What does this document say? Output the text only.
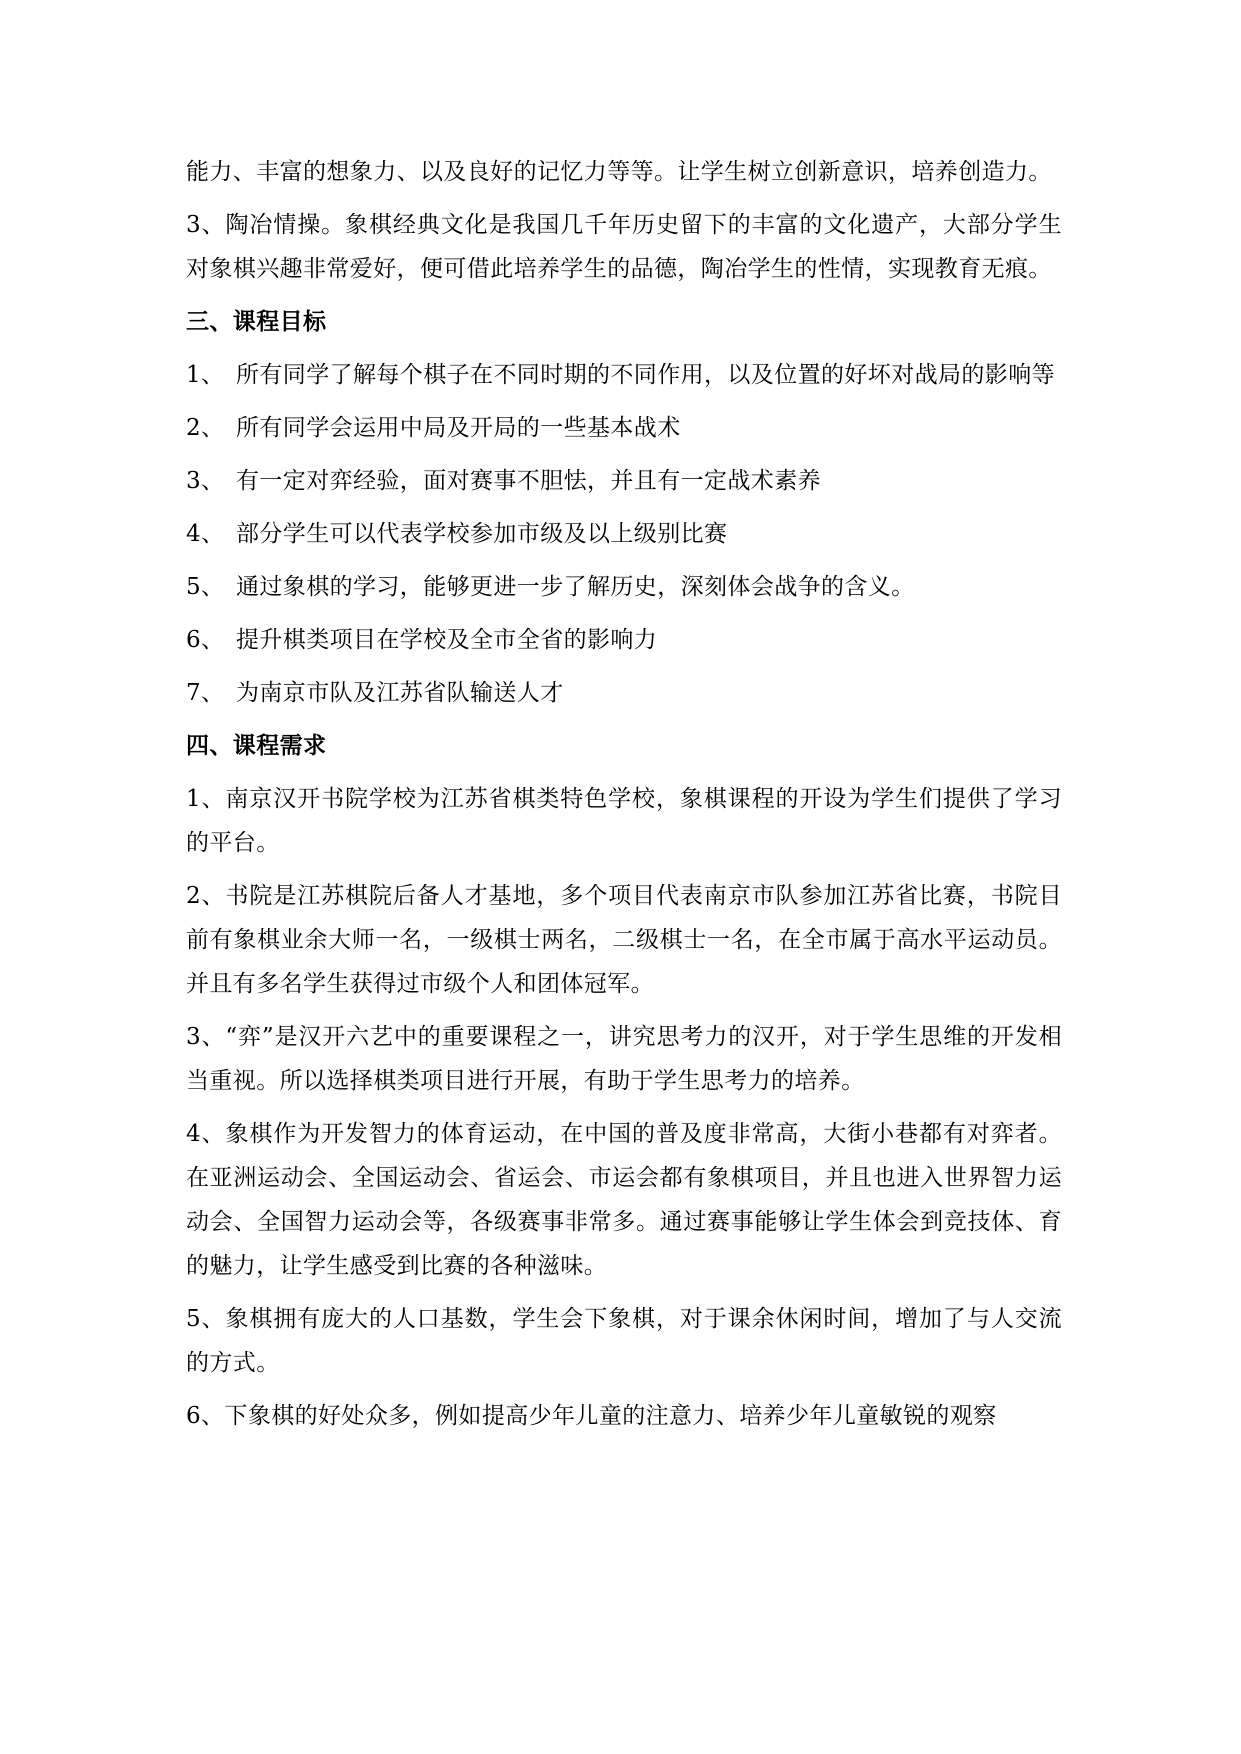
能力、丰富的想象力、以及良好的记忆力等等。让学生树立创新意识，培养创造力。

3、陶冶情操。象棋经典文化是我国几千年历史留下的丰富的文化遗产，大部分学生对象棋兴趣非常爱好，便可借此培养学生的品德，陶冶学生的性情，实现教育无痕。

三、课程目标
1、 所有同学了解每个棋子在不同时期的不同作用，以及位置的好坏对战局的影响等
2、 所有同学会运用中局及开局的一些基本战术
3、 有一定对弈经验，面对赛事不胆怯，并且有一定战术素养
4、 部分学生可以代表学校参加市级及以上级别比赛
5、 通过象棋的学习，能够更进一步了解历史，深刻体会战争的含义。
6、 提升棋类项目在学校及全市全省的影响力
7、 为南京市队及江苏省队输送人才
四、课程需求

1、南京汉开书院学校为江苏省棋类特色学校，象棋课程的开设为学生们提供了学习的平台。

2、书院是江苏棋院后备人才基地，多个项目代表南京市队参加江苏省比赛，书院目前有象棋业余大师一名，一级棋士两名，二级棋士一名，在全市属于高水平运动员。并且有多名学生获得过市级个人和团体冠军。

3、“弈”是汉开六艺中的重要课程之一，讲究思考力的汉开，对于学生思维的开发相当重视。所以选择棋类项目进行开展，有助于学生思考力的培养。

4、象棋作为开发智力的体育运动，在中国的普及度非常高，大街小巷都有对弈者。在亚洲运动会、全国运动会、省运会、市运会都有象棋项目，并且也进入世界智力运动会、全国智力运动会等，各级赛事非常多。通过赛事能够让学生体会到竞技体、育的魅力，让学生感受到比赛的各种滋味。

5、象棋拥有庞大的人口基数，学生会下象棋，对于课余休闲时间，增加了与人交流的方式。

6、下象棋的好处众多，例如提高少年儿童的注意力、培养少年儿童敏锐的观察
